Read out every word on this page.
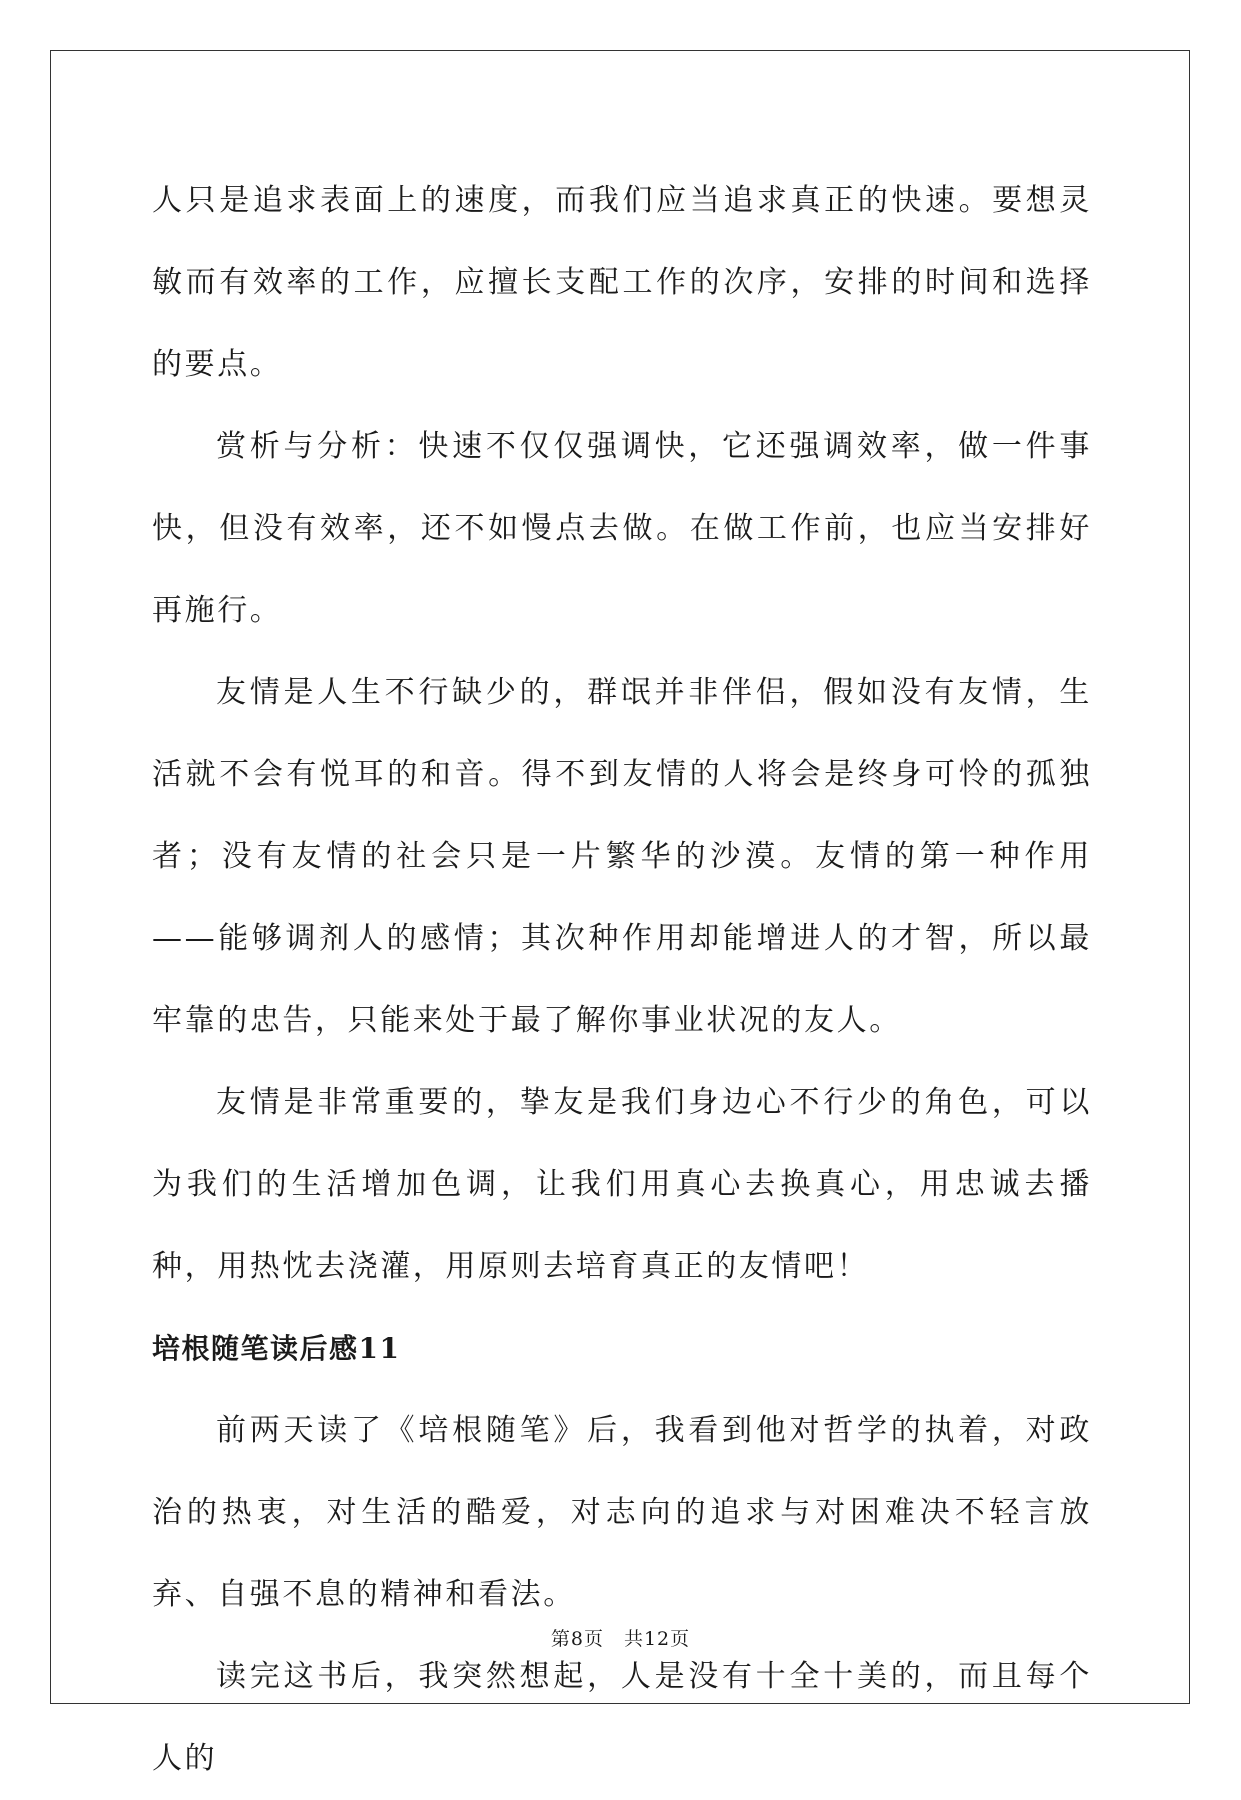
人只是追求表面上的速度，而我们应当追求真正的快速。要想灵敏而有效率的工作，应擅长支配工作的次序，安排的时间和选择的要点。

赏析与分析：快速不仅仅强调快，它还强调效率，做一件事快，但没有效率，还不如慢点去做。在做工作前，也应当安排好再施行。

友情是人生不行缺少的，群氓并非伴侣，假如没有友情，生活就不会有悦耳的和音。得不到友情的人将会是终身可怜的孤独者；没有友情的社会只是一片繁华的沙漠。友情的第一种作用——能够调剂人的感情；其次种作用却能增进人的才智，所以最牢靠的忠告，只能来处于最了解你事业状况的友人。

友情是非常重要的，挚友是我们身边心不行少的角色，可以为我们的生活增加色调，让我们用真心去换真心，用忠诚去播种，用热忱去浇灌，用原则去培育真正的友情吧！

培根随笔读后感11

前两天读了《培根随笔》后，我看到他对哲学的执着，对政治的热衷，对生活的酷爱，对志向的追求与对困难决不轻言放弃、自强不息的精神和看法。

读完这书后，我突然想起，人是没有十全十美的，而且每个人的

第8页　共12页
